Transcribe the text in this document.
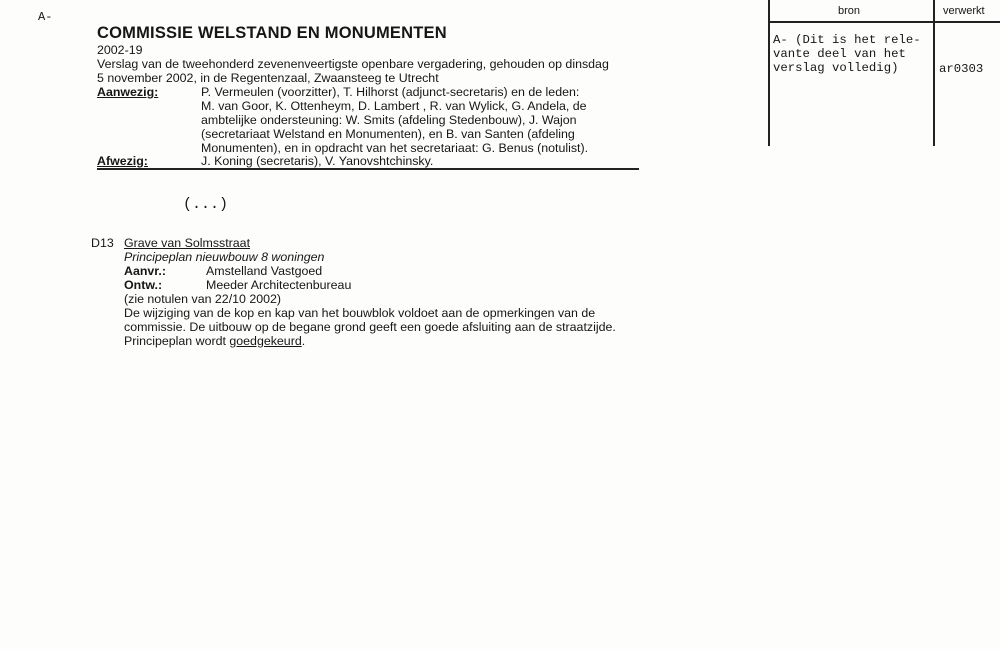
A-	bron	verwerkt
A- (Dit is het rele-
vante deel van het
verslag volledig)	ar0303
COMMISSIE WELSTAND EN MONUMENTEN
2002-19
Verslag van de tweehonderd zevenenveertigste openbare vergadering, gehouden op dinsdag
5 november 2002, in de Regentenzaal, Zwaansteeg te Utrecht
Aanwezig:	P. Vermeulen (voorzitter), T. Hilhorst (adjunct-secretaris) en de leden:
M. van Goor, K. Ottenheym, D. Lambert , R. van Wylick, G. Andela, de
ambtelijke ondersteuning: W. Smits (afdeling Stedenbouw), J. Wajon
(secretariaat Welstand en Monumenten), en B. van Santen (afdeling
Monumenten), en in opdracht van het secretariaat: G. Benus (notulist).
Afwezig:	J. Koning (secretaris), V. Yanovshtchinsky.
(...)
D13 Grave van Solmsstraat
Principeplan nieuwbouw 8 woningen
Aanvr.:	Amstelland Vastgoed
Ontw.:	Meeder Architectenbureau
(zie notulen van 22/10 2002)
De wijziging van de kop en kap van het bouwblok voldoet aan de opmerkingen van de
commissie. De uitbouw op de begane grond geeft een goede afsluiting aan de straatzijde.
Principeplan wordt goedgekeurd.
